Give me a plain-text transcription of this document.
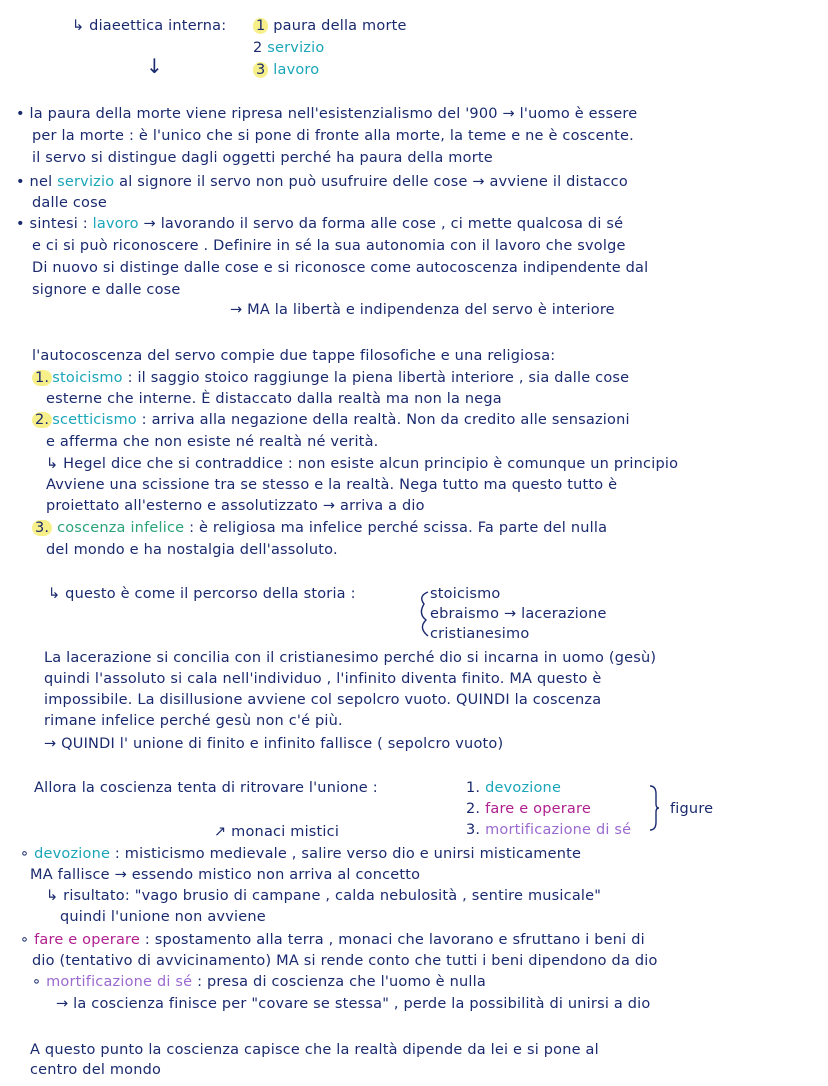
↳ diaeettica interna: 1 paura della morte
2 servizio
3 lavoro
↓
• la paura della morte viene ripresa nell'esistenzialismo del '900 → l'uomo è essere
per la morte : è l'unico che si pone di fronte alla morte, la teme e ne è coscente.
il servo si distingue dagli oggetti perché ha paura della morte
• nel servizio al signore il servo non può usufruire delle cose → avviene il distacco
dalle cose
• sintesi : lavoro → lavorando il servo da forma alle cose , ci mette qualcosa di sé
e ci si può riconoscere . Definire in sé la sua autonomia con il lavoro che svolge
Di nuovo si distinge dalle cose e si riconosce come autocoscenza indipendente dal
signore e dalle cose
→ MA la libertà e indipendenza del servo è interiore
l'autocoscenza del servo compie due tappe filosofiche e una religiosa:
1. stoicismo : il saggio stoico raggiunge la piena libertà interiore , sia dalle cose
esterne che interne. È distaccato dalla realtà ma non la nega
2. scetticismo : arriva alla negazione della realtà. Non da credito alle sensazioni
e afferma che non esiste né realtà né verità.
↳ Hegel dice che si contraddice : non esiste alcun principio è comunque un principio
Avviene una scissione tra se stesso e la realtà. Nega tutto ma questo tutto è
proiettato all'esterno e assolutizzato → arriva a dio
3. coscenza infelice : è religiosa ma infelice perché scissa. Fa parte del nulla
del mondo e ha nostalgia dell'assoluto.
↳ questo è come il percorso della storia :	stoicismo
ebraismo → lacerazione
cristianesimo
La lacerazione si concilia con il cristianesimo perché dio si incarna in uomo (gesù)
quindi l'assoluto si cala nell'individuo , l'infinito diventa finito. MA questo è
impossibile. La disillusione avviene col sepolcro vuoto. QUINDI la coscenza
rimane infelice perché gesù non c'é più.
→ QUINDI l' unione di finito e infinito fallisce ( sepolcro vuoto)
Allora la coscienza tenta di ritrovare l'unione :	1. devozione
2. fare e operare
3. mortificazione di sé
figure
↗ monaci mistici
∘ devozione : misticismo medievale , salire verso dio e unirsi misticamente
MA fallisce → essendo mistico non arriva al concetto
↳ risultato: "vago brusio di campane , calda nebulosità , sentire musicale"
quindi l'unione non avviene
∘ fare e operare : spostamento alla terra , monaci che lavorano e sfruttano i beni di
dio (tentativo di avvicinamento) MA si rende conto che tutti i beni dipendono da dio
∘ mortificazione di sé : presa di coscienza che l'uomo è nulla
→ la coscienza finisce per "covare se stessa" , perde la possibilità di unirsi a dio
A questo punto la coscienza capisce che la realtà dipende da lei e si pone al
centro del mondo
